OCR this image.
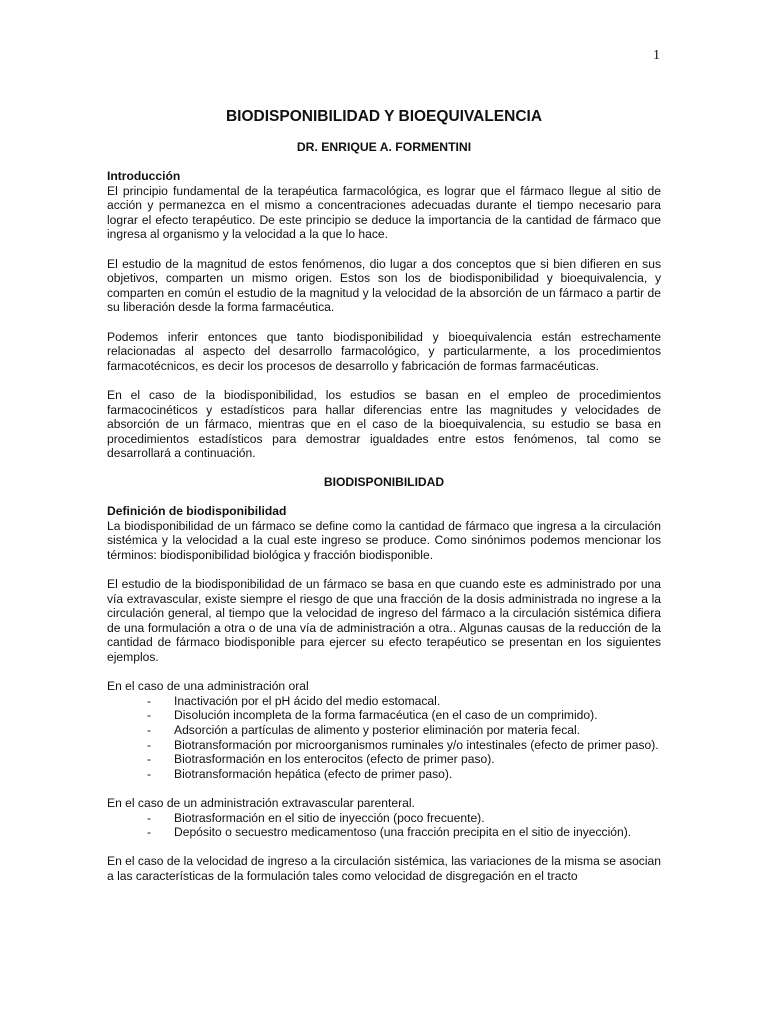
1
BIODISPONIBILIDAD Y BIOEQUIVALENCIA
DR. ENRIQUE A. FORMENTINI
Introducción

El principio fundamental de la terapéutica farmacológica, es lograr que el fármaco llegue al sitio de acción y permanezca en el mismo a concentraciones adecuadas durante el tiempo necesario para lograr el efecto terapéutico. De este principio se deduce la importancia de la cantidad de fármaco que ingresa al organismo y la velocidad a la que lo hace.

El estudio de la magnitud de estos fenómenos, dio lugar a dos conceptos que si bien difieren en sus objetivos, comparten un mismo origen. Estos son los de biodisponibilidad y bioequivalencia, y comparten en común el estudio de la magnitud y la velocidad de la absorción de un fármaco a partir de su liberación desde la forma farmacéutica.

Podemos inferir entonces que tanto biodisponibilidad y bioequivalencia están estrechamente relacionadas al aspecto del desarrollo farmacológico, y particularmente, a los procedimientos farmacotécnicos, es decir los procesos de desarrollo y fabricación de formas farmacéuticas.

En el caso de la biodisponibilidad, los estudios se basan en el empleo de procedimientos farmacocinéticos y estadísticos para hallar diferencias entre las magnitudes y velocidades de absorción de un fármaco, mientras que en el caso de la bioequivalencia, su estudio se basa en procedimientos estadísticos para demostrar igualdades entre estos fenómenos, tal como se desarrollará a continuación.

BIODISPONIBILIDAD
Definición de biodisponibilidad

La biodisponibilidad de un fármaco se define como la cantidad de fármaco que ingresa a la circulación sistémica y la velocidad a la cual este ingreso se produce. Como sinónimos podemos mencionar los términos: biodisponibilidad biológica y fracción biodisponible.

El estudio de la biodisponibilidad de un fármaco se basa en que cuando este es administrado por una vía extravascular, existe siempre el riesgo de que una fracción de la dosis administrada no ingrese a la circulación general, al tiempo que la velocidad de ingreso del fármaco a la circulación sistémica difiera de una formulación a otra o de una vía de administración a otra.. Algunas causas de la reducción de la cantidad de fármaco biodisponible para ejercer su efecto terapéutico se presentan en los siguientes ejemplos.

En el caso de una administración oral
- Inactivación por el pH ácido del medio estomacal.
- Disolución incompleta de la forma farmacéutica (en el caso de un comprimido).
- Adsorción a partículas de alimento y posterior eliminación por materia fecal.
- Biotransformación por microorganismos ruminales y/o intestinales (efecto de primer paso).
- Biotrasformación en los enterocitos (efecto de primer paso).
- Biotransformación hepática (efecto de primer paso).
En el caso de un administración extravascular parenteral.
- Biotrasformación en el sitio de inyección (poco frecuente).
- Depósito o secuestro medicamentoso (una fracción precipita en el sitio de inyección).

En el caso de la velocidad de ingreso a la circulación sistémica, las variaciones de la misma se asocian a las características de la formulación tales como velocidad de disgregación en el tracto
